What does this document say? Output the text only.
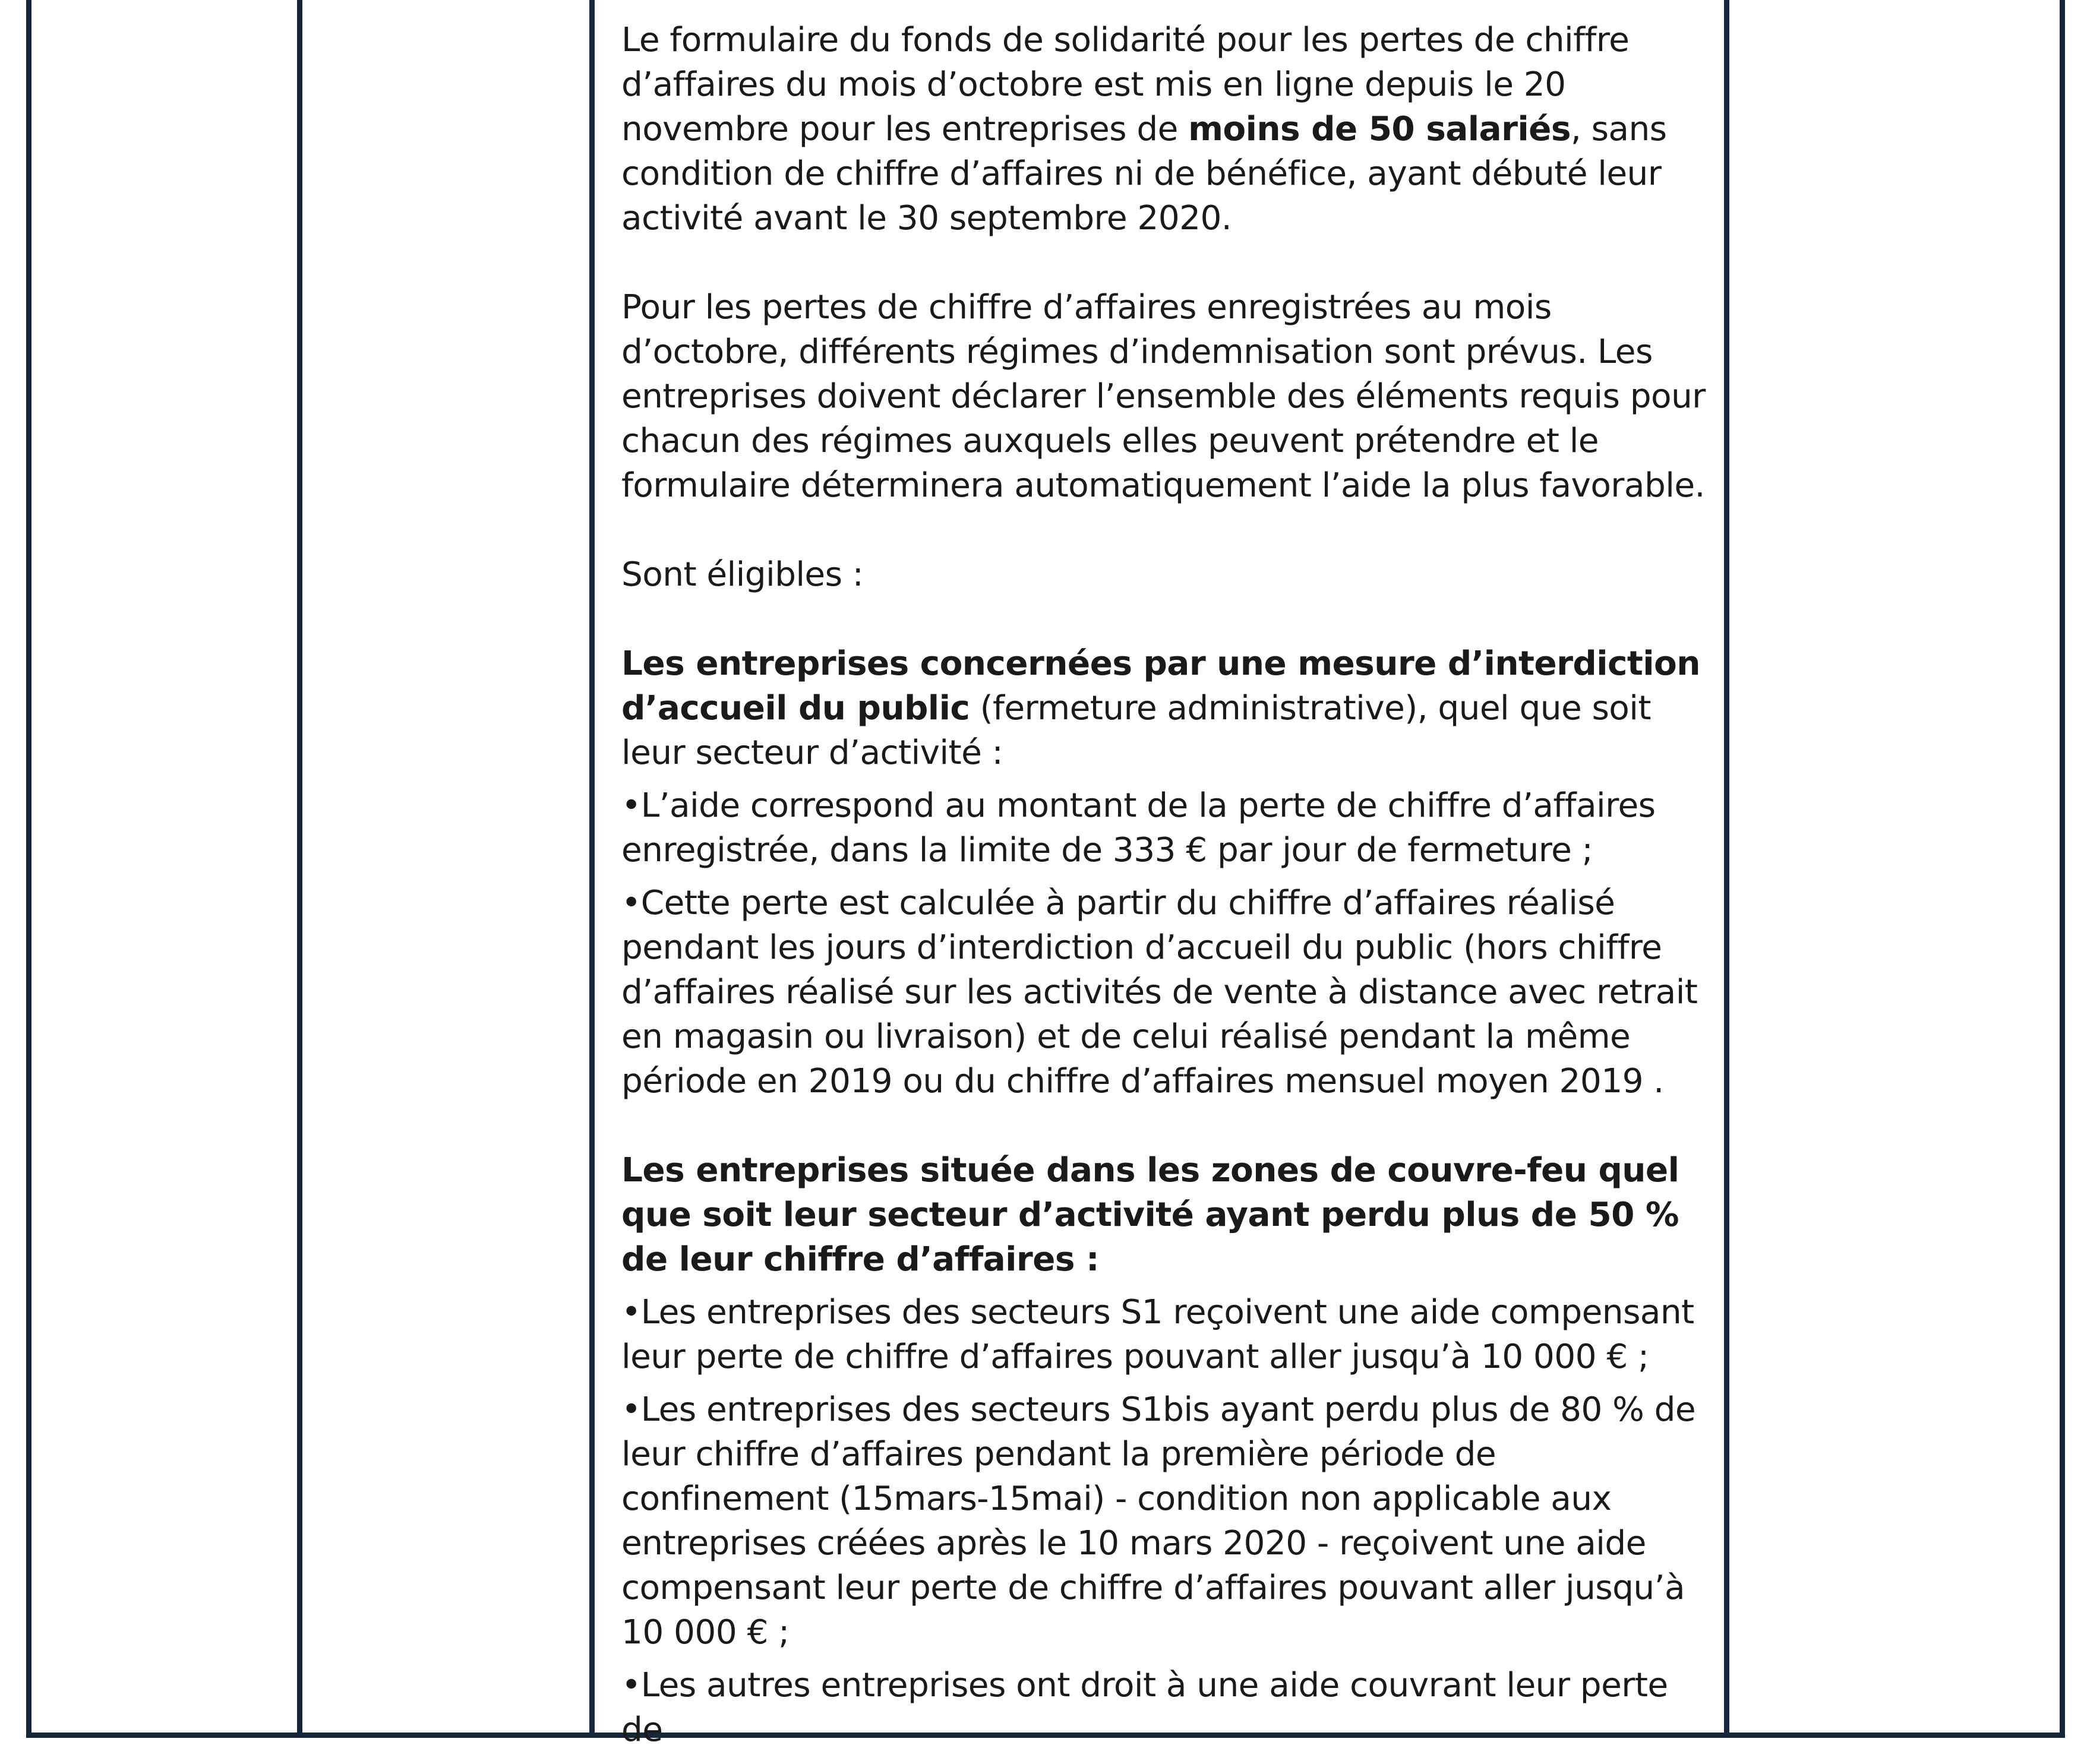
Le formulaire du fonds de solidarité pour les pertes de chiffre d’affaires du mois d’octobre est mis en ligne depuis le 20 novembre pour les entreprises de moins de 50 salariés, sans condition de chiffre d’affaires ni de bénéfice, ayant débuté leur activité avant le 30 septembre 2020.

Pour les pertes de chiffre d’affaires enregistrées au mois d’octobre, différents régimes d’indemnisation sont prévus. Les entreprises doivent déclarer l’ensemble des éléments requis pour chacun des régimes auxquels elles peuvent prétendre et le formulaire déterminera automatiquement l’aide la plus favorable.

Sont éligibles :

Les entreprises concernées par une mesure d’interdiction d’accueil du public (fermeture administrative), quel que soit leur secteur d’activité :

•L’aide correspond au montant de la perte de chiffre d’affaires enregistrée, dans la limite de 333 € par jour de fermeture ;

•Cette perte est calculée à partir du chiffre d’affaires réalisé pendant les jours d’interdiction d’accueil du public (hors chiffre d’affaires réalisé sur les activités de vente à distance avec retrait en magasin ou livraison) et de celui réalisé pendant la même période en 2019 ou du chiffre d’affaires mensuel moyen 2019 .

Les entreprises située dans les zones de couvre-feu quel que soit leur secteur d’activité ayant perdu plus de 50 % de leur chiffre d’affaires :

•Les entreprises des secteurs S1 reçoivent une aide compensant leur perte de chiffre d’affaires pouvant aller jusqu’à 10 000 € ;

•Les entreprises des secteurs S1bis ayant perdu plus de 80 % de leur chiffre d’affaires pendant la première période de confinement (15mars-15mai) - condition non applicable aux entreprises créées après le 10 mars 2020 - reçoivent une aide compensant leur perte de chiffre d’affaires pouvant aller jusqu’à 10 000 € ;

•Les autres entreprises ont droit à une aide couvrant leur perte de
